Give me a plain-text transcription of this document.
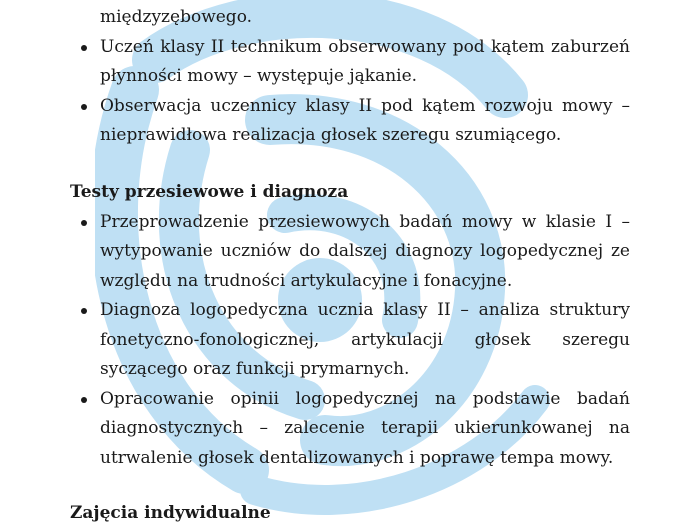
międzyzębowego.
Uczeń klasy II technikum obserwowany pod kątem zaburzeń płynności mowy – występuje jąkanie.
Obserwacja uczennicy klasy II pod kątem rozwoju mowy – nieprawidłowa realizacja głosek szeregu szumiącego.
Testy przesiewowe i diagnoza
Przeprowadzenie przesiewowych badań mowy w klasie I – wytypowanie uczniów do dalszej diagnozy logopedycznej ze względu na trudności artykulacyjne i fonacyjne.
Diagnoza logopedyczna ucznia klasy II – analiza struktury fonetyczno-fonologicznej, artykulacji głosek szeregu syczącego oraz funkcji prymarnych.
Opracowanie opinii logopedycznej na podstawie badań diagnostycznych – zalecenie terapii ukierunkowanej na utrwalenie głosek dentalizowanych i poprawę tempa mowy.
Zajęcia indywidualne
